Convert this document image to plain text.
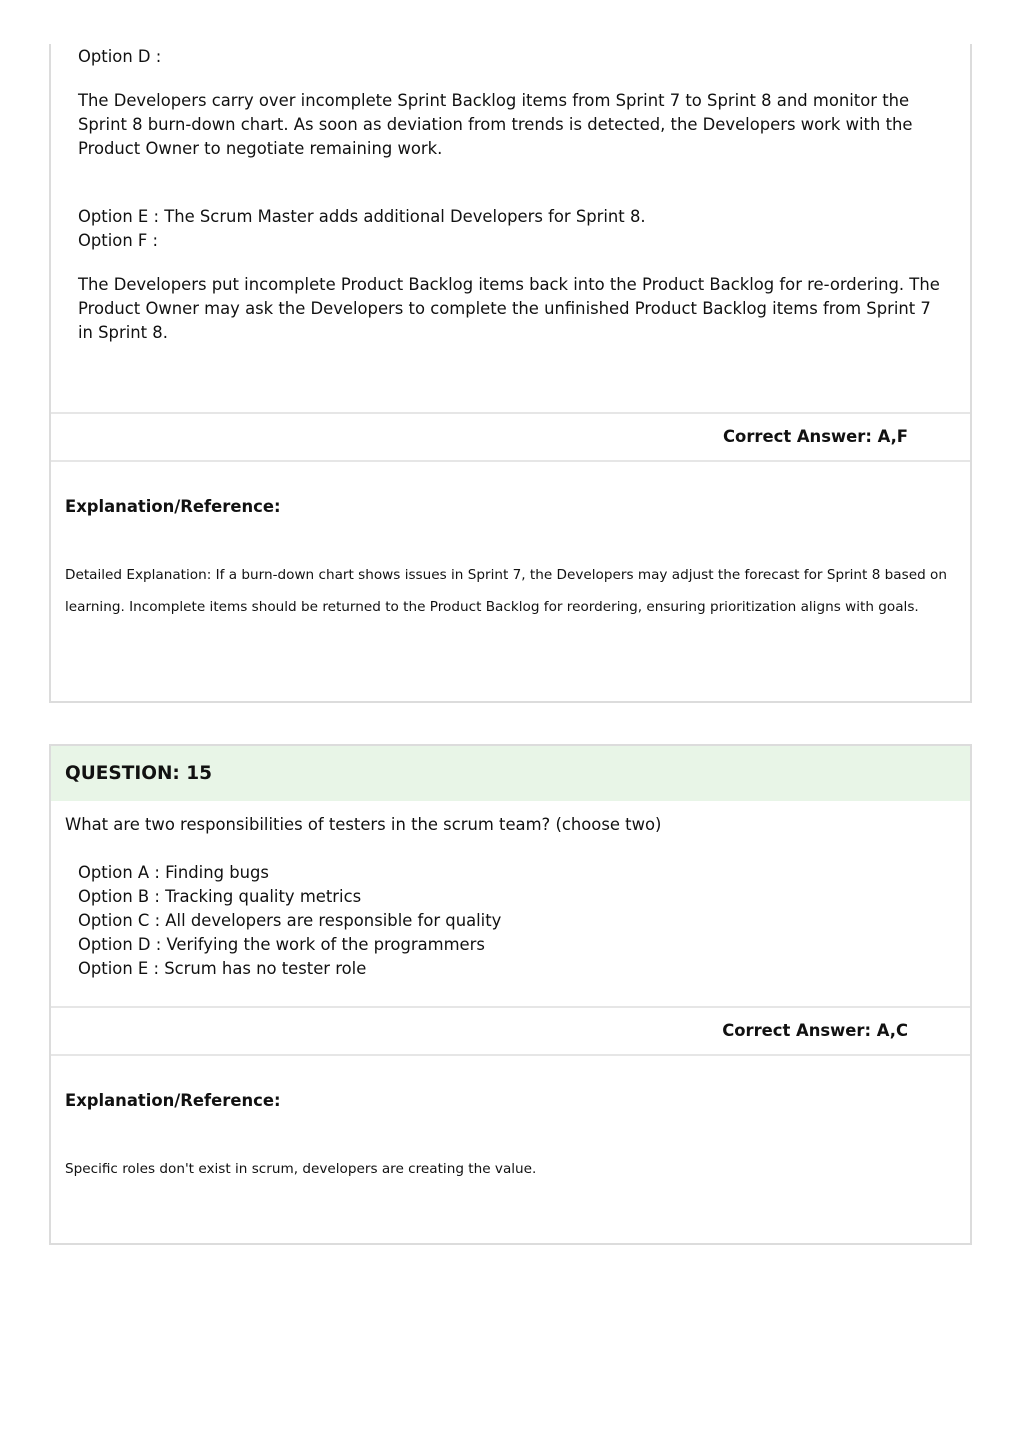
Option D :

The Developers carry over incomplete Sprint Backlog items from Sprint 7 to Sprint 8 and monitor the Sprint 8 burn-down chart. As soon as deviation from trends is detected, the Developers work with the Product Owner to negotiate remaining work.

Option E : The Scrum Master adds additional Developers for Sprint 8.
Option F :

The Developers put incomplete Product Backlog items back into the Product Backlog for re-ordering. The Product Owner may ask the Developers to complete the unfinished Product Backlog items from Sprint 7 in Sprint 8.

Correct Answer: A,F
Explanation/Reference:
Detailed Explanation: If a burn-down chart shows issues in Sprint 7, the Developers may adjust the forecast for Sprint 8 based on learning. Incomplete items should be returned to the Product Backlog for reordering, ensuring prioritization aligns with goals.
QUESTION: 15
What are two responsibilities of testers in the scrum team? (choose two)
Option A : Finding bugs
Option B : Tracking quality metrics
Option C : All developers are responsible for quality
Option D : Verifying the work of the programmers
Option E : Scrum has no tester role
Correct Answer: A,C
Explanation/Reference:
Specific roles don't exist in scrum, developers are creating the value.
